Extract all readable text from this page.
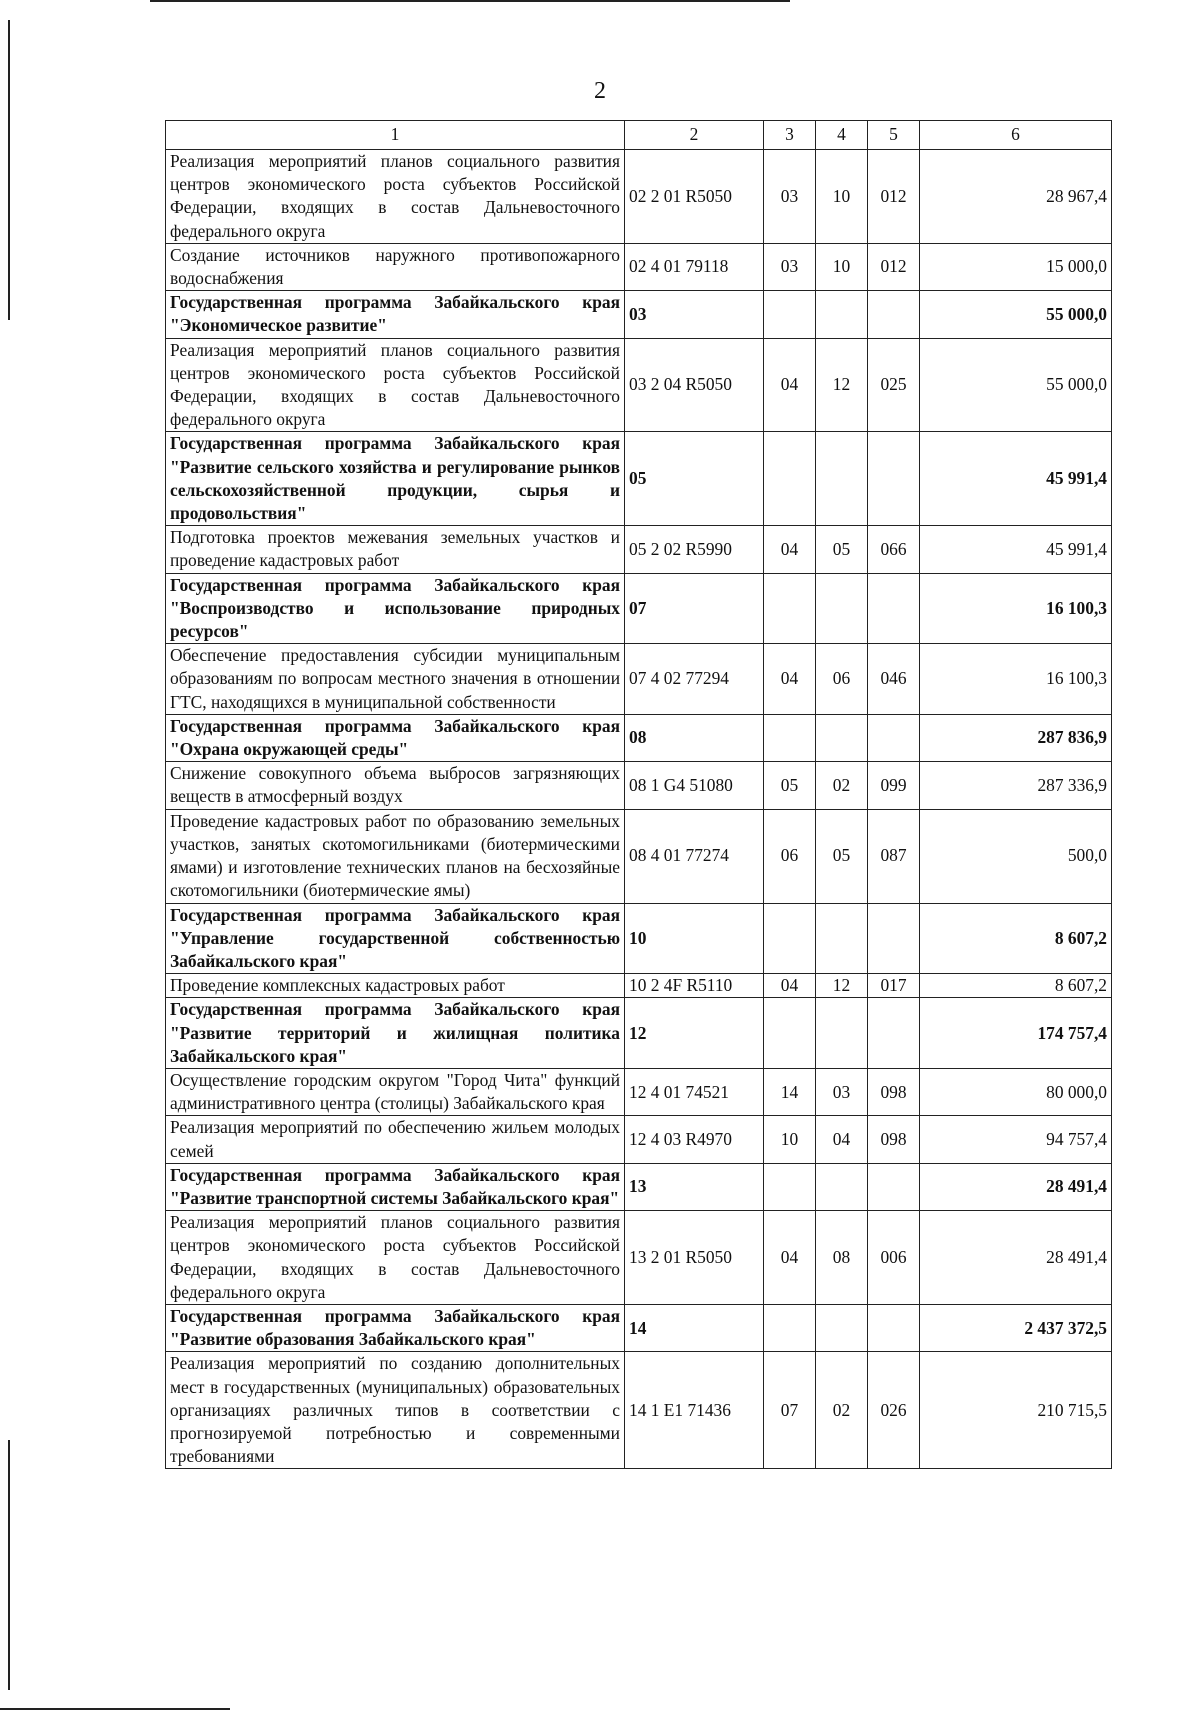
2
1	2	3	4	5	6
Реализация мероприятий планов социального развития центров экономического роста субъектов Российской Федерации, входящих в состав Дальневосточного федерального округа	02 2 01 R5050	03	10	012	28 967,4
Создание источников наружного противопожарного водоснабжения	02 4 01 79118	03	10	012	15 000,0
Государственная программа Забайкальского края "Экономическое развитие"	03				55 000,0
Реализация мероприятий планов социального развития центров экономического роста субъектов Российской Федерации, входящих в состав Дальневосточного федерального округа	03 2 04 R5050	04	12	025	55 000,0
Государственная программа Забайкальского края "Развитие сельского хозяйства и регулирование рынков сельскохозяйственной продукции, сырья и продовольствия"	05				45 991,4
Подготовка проектов межевания земельных участков и проведение кадастровых работ	05 2 02 R5990	04	05	066	45 991,4
Государственная программа Забайкальского края "Воспроизводство и использование природных ресурсов"	07				16 100,3
Обеспечение предоставления субсидии муниципальным образованиям по вопросам местного значения в отношении ГТС, находящихся в муниципальной собственности	07 4 02 77294	04	06	046	16 100,3
Государственная программа Забайкальского края "Охрана окружающей среды"	08				287 836,9
Снижение совокупного объема выбросов загрязняющих веществ в атмосферный воздух	08 1 G4 51080	05	02	099	287 336,9
Проведение кадастровых работ по образованию земельных участков, занятых скотомогильниками (биотермическими ямами) и изготовление технических планов на бесхозяйные скотомогильники (биотермические ямы)	08 4 01 77274	06	05	087	500,0
Государственная программа Забайкальского края "Управление государственной собственностью Забайкальского края"	10				8 607,2
Проведение комплексных кадастровых работ	10 2 4F R5110	04	12	017	8 607,2
Государственная программа Забайкальского края "Развитие территорий и жилищная политика Забайкальского края"	12				174 757,4
Осуществление городским округом "Город Чита" функций административного центра (столицы) Забайкальского края	12 4 01 74521	14	03	098	80 000,0
Реализация мероприятий по обеспечению жильем молодых семей	12 4 03 R4970	10	04	098	94 757,4
Государственная программа Забайкальского края "Развитие транспортной системы Забайкальского края"	13				28 491,4
Реализация мероприятий планов социального развития центров экономического роста субъектов Российской Федерации, входящих в состав Дальневосточного федерального округа	13 2 01 R5050	04	08	006	28 491,4
Государственная программа Забайкальского края "Развитие образования Забайкальского края"	14				2 437 372,5
Реализация мероприятий по созданию дополнительных мест в государственных (муниципальных) образовательных организациях различных типов в соответствии с прогнозируемой потребностью и современными требованиями	14 1 E1 71436	07	02	026	210 715,5
